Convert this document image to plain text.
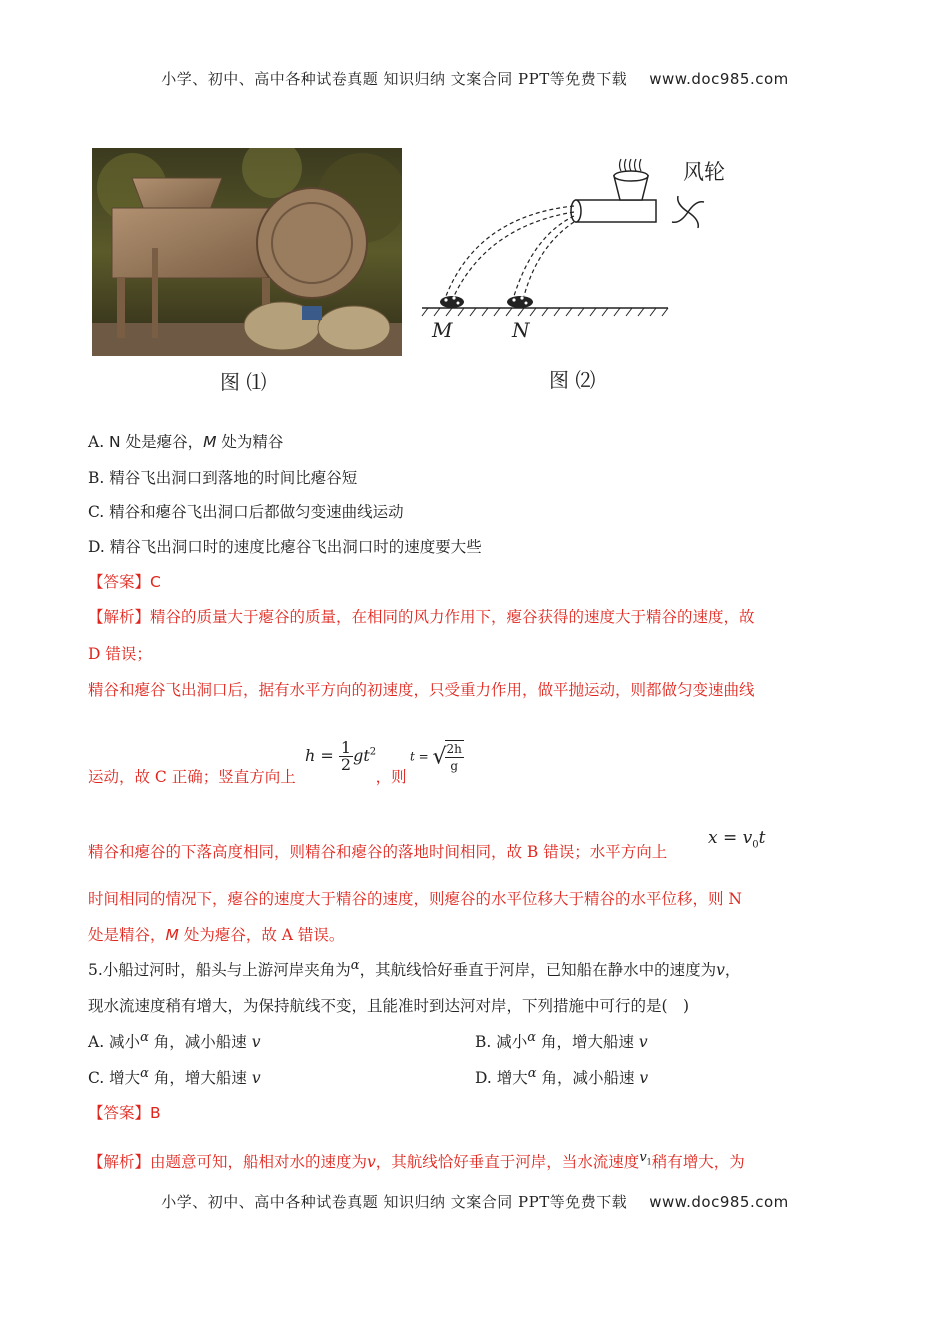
小学、初中、高中各种试卷真题 知识归纳 文案合同 PPT等免费下载 www.doc985.com
图 ⑴
风轮
M	N
图 ⑵
A. N 处是瘪谷，M 处为精谷
B. 精谷飞出洞口到落地的时间比瘪谷短
C. 精谷和瘪谷飞出洞口后都做匀变速曲线运动
D. 精谷飞出洞口时的速度比瘪谷飞出洞口时的速度要大些
【答案】C
【解析】精谷的质量大于瘪谷的质量，在相同的风力作用下，瘪谷获得的速度大于精谷的速度，故
D 错误；
精谷和瘪谷飞出洞口后，据有水平方向的初速度，只受重力作用，做平抛运动，则都做匀变速曲线
运动，故 C 正确；竖直方向上	，则
$h = \frac{1}{2} gt^2$	t = √
$\frac{2h}{g}$
精谷和瘪谷的下落高度相同，则精谷和瘪谷的落地时间相同，故 B 错误；水平方向上
$x = v_0t$
时间相同的情况下，瘪谷的速度大于精谷的速度，则瘪谷的水平位移大于精谷的水平位移，则 N
处是精谷，M 处为瘪谷，故 A 错误。
5.小船过河时，船头与上游河岸夹角为$^\alpha$，其航线恰好垂直于河岸，已知船在静水中的速度为v，
现水流速度稍有增大，为保持航线不变，且能准时到达河对岸，下列措施中可行的是(　)
A. 减小$^\alpha$ 角，减小船速 v	B. 减小$^\alpha$ 角，增大船速 v
C. 增大$^\alpha$ 角，增大船速 v	D. 增大$^\alpha$ 角，减小船速 v
【答案】B
【解析】由题意可知，船相对水的速度为v，其航线恰好垂直于河岸，当水流速度$^{v_1}$稍有增大，为
小学、初中、高中各种试卷真题 知识归纳 文案合同 PPT等免费下载 www.doc985.com
